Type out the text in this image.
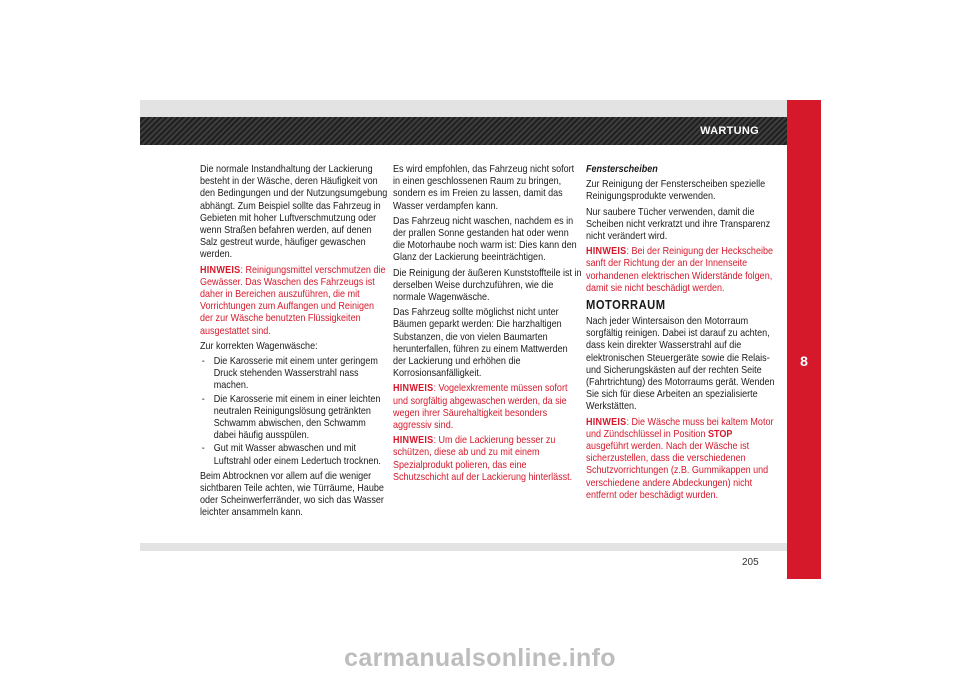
WARTUNG
8

Die normale Instandhaltung der Lackierung besteht in der Wäsche, deren Häufigkeit von den Bedingungen und der Nutzungsumgebung abhängt. Zum Beispiel sollte das Fahrzeug in Gebieten mit hoher Luftverschmutzung oder wenn Straßen befahren werden, auf denen Salz gestreut wurde, häufiger gewaschen werden.

HINWEIS: Reinigungsmittel verschmutzen die Gewässer. Das Waschen des Fahrzeugs ist daher in Bereichen auszuführen, die mit Vorrichtungen zum Auffangen und Reinigen der zur Wäsche benutzten Flüssigkeiten ausgestattet sind.

Zur korrekten Wagenwäsche:

- Die Karosserie mit einem unter geringem Druck stehenden Wasserstrahl nass machen.
- Die Karosserie mit einem in einer leichten neutralen Reinigungslösung getränkten Schwamm abwischen, den Schwamm dabei häufig ausspülen.
- Gut mit Wasser abwaschen und mit Luftstrahl oder einem Ledertuch trocknen.

Beim Abtrocknen vor allem auf die weniger sichtbaren Teile achten, wie Türräume, Haube oder Scheinwerferränder, wo sich das Wasser leichter ansammeln kann.

Es wird empfohlen, das Fahrzeug nicht sofort in einen geschlossenen Raum zu bringen, sondern es im Freien zu lassen, damit das Wasser verdampfen kann.

Das Fahrzeug nicht waschen, nachdem es in der prallen Sonne gestanden hat oder wenn die Motorhaube noch warm ist: Dies kann den Glanz der Lackierung beeinträchtigen.

Die Reinigung der äußeren Kunststoffteile ist in derselben Weise durchzuführen, wie die normale Wagenwäsche.

Das Fahrzeug sollte möglichst nicht unter Bäumen geparkt werden: Die harzhaltigen Substanzen, die von vielen Baumarten herunterfallen, führen zu einem Mattwerden der Lackierung und erhöhen die Korrosionsanfälligkeit.

HINWEIS: Vogelexkremente müssen sofort und sorgfältig abgewaschen werden, da sie wegen ihrer Säurehaltigkeit besonders aggressiv sind.

HINWEIS: Um die Lackierung besser zu schützen, diese ab und zu mit einem Spezialprodukt polieren, das eine Schutzschicht auf der Lackierung hinterlässt.

Fensterscheiben

Zur Reinigung der Fensterscheiben spezielle Reinigungsprodukte verwenden.

Nur saubere Tücher verwenden, damit die Scheiben nicht verkratzt und ihre Transparenz nicht verändert wird.

HINWEIS: Bei der Reinigung der Heckscheibe sanft der Richtung der an der Innenseite vorhandenen elektrischen Widerstände folgen, damit sie nicht beschädigt werden.

MOTORRAUM

Nach jeder Wintersaison den Motorraum sorgfältig reinigen. Dabei ist darauf zu achten, dass kein direkter Wasserstrahl auf die elektronischen Steuergeräte sowie die Relais- und Sicherungskästen auf der rechten Seite (Fahrtrichtung) des Motorraums gerät. Wenden Sie sich für diese Arbeiten an spezialisierte Werkstätten.

HINWEIS: Die Wäsche muss bei kaltem Motor und Zündschlüssel in Position STOP ausgeführt werden. Nach der Wäsche ist sicherzustellen, dass die verschiedenen Schutzvorrichtungen (z.B. Gummikappen und verschiedene andere Abdeckungen) nicht entfernt oder beschädigt wurden.

205
carmanualsonline.info
